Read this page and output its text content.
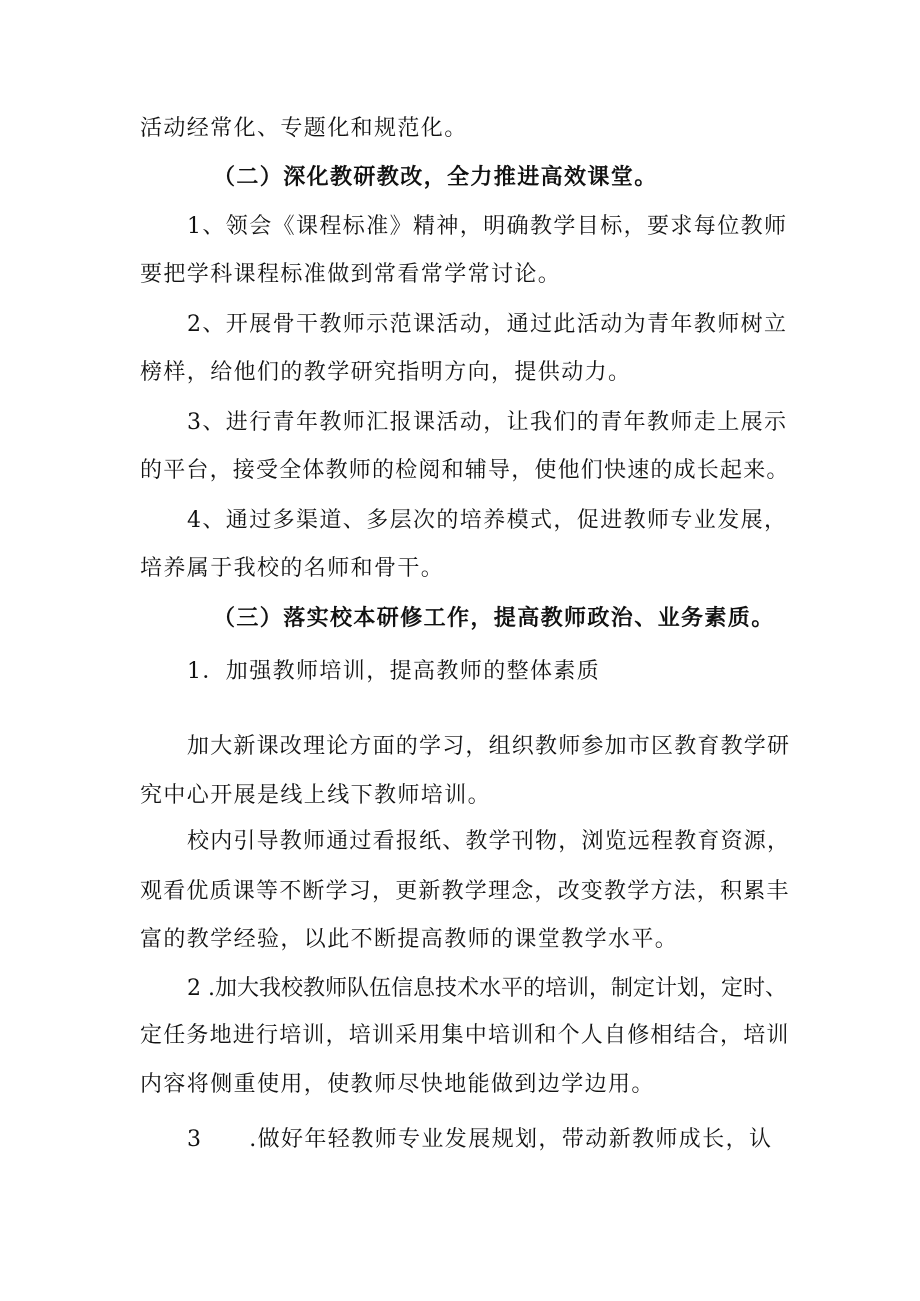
活动经常化、专题化和规范化。
（二）深化教研教改，全力推进高效课堂。
1、领会《课程标准》精神，明确教学目标，要求每位教师
要把学科课程标准做到常看常学常讨论。
2、开展骨干教师示范课活动，通过此活动为青年教师树立
榜样，给他们的教学研究指明方向，提供动力。
3、进行青年教师汇报课活动，让我们的青年教师走上展示
的平台，接受全体教师的检阅和辅导，使他们快速的成长起来。
4、通过多渠道、多层次的培养模式，促进教师专业发展，
培养属于我校的名师和骨干。
（三）落实校本研修工作，提高教师政治、业务素质。
1．加强教师培训，提高教师的整体素质
加大新课改理论方面的学习，组织教师参加市区教育教学研
究中心开展是线上线下教师培训。
校内引导教师通过看报纸、教学刊物，浏览远程教育资源，
观看优质课等不断学习，更新教学理念，改变教学方法，积累丰
富的教学经验，以此不断提高教师的课堂教学水平。
2 .加大我校教师队伍信息技术水平的培训，制定计划，定时、
定任务地进行培训，培训采用集中培训和个人自修相结合，培训
内容将侧重使用，使教师尽快地能做到边学边用。
3　　.做好年轻教师专业发展规划，带动新教师成长，认
